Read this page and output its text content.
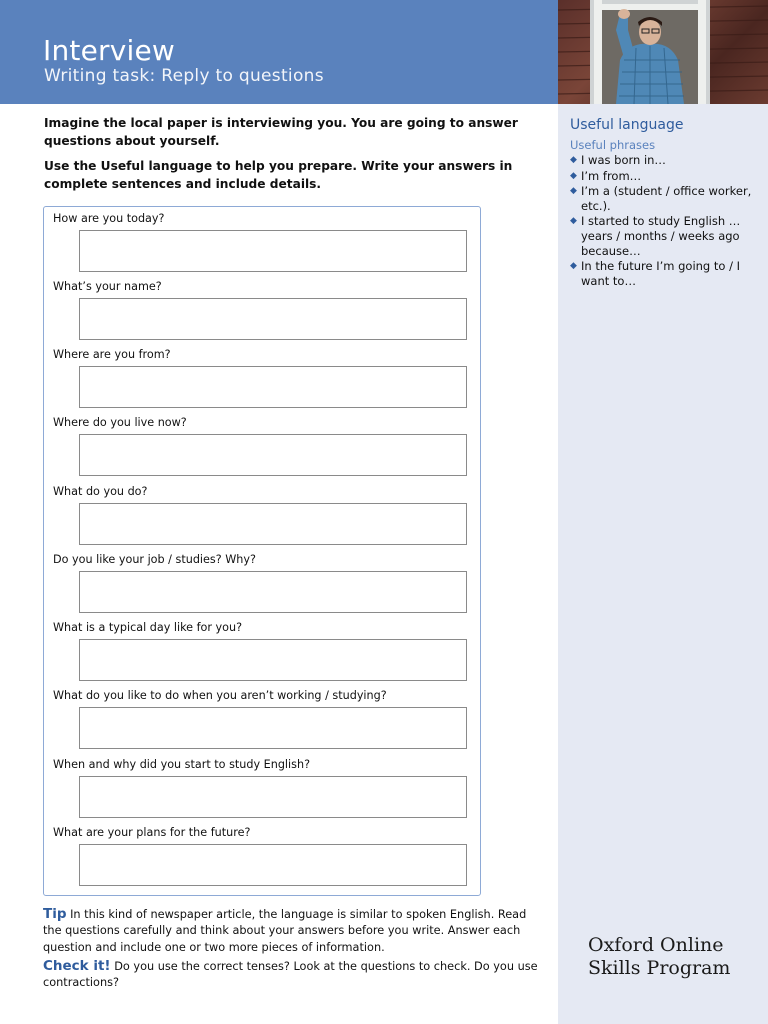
Interview
Writing task: Reply to questions

Imagine the local paper is interviewing you. You are going to answer questions about yourself.

Use the Useful language to help you prepare. Write your answers in complete sentences and include details.

How are you today?
What’s your name?
Where are you from?
Where do you live now?
What do you do?
Do you like your job / studies? Why?
What is a typical day like for you?
What do you like to do when you aren’t working / studying?
When and why did you start to study English?
What are your plans for the future?
Tip In this kind of newspaper article, the language is similar to spoken English. Read the questions carefully and think about your answers before you write. Answer each question and include one or two more pieces of information.
Check it! Do you use the correct tenses? Look at the questions to check. Do you use contractions?
Useful language
Useful phrases
◆ I was born in…
◆ I’m from…
◆ I’m a (student / office worker, etc.).
◆ I started to study English … years / months / weeks ago because…
◆ In the future I’m going to / I want to…
Oxford Online
Skills Program
